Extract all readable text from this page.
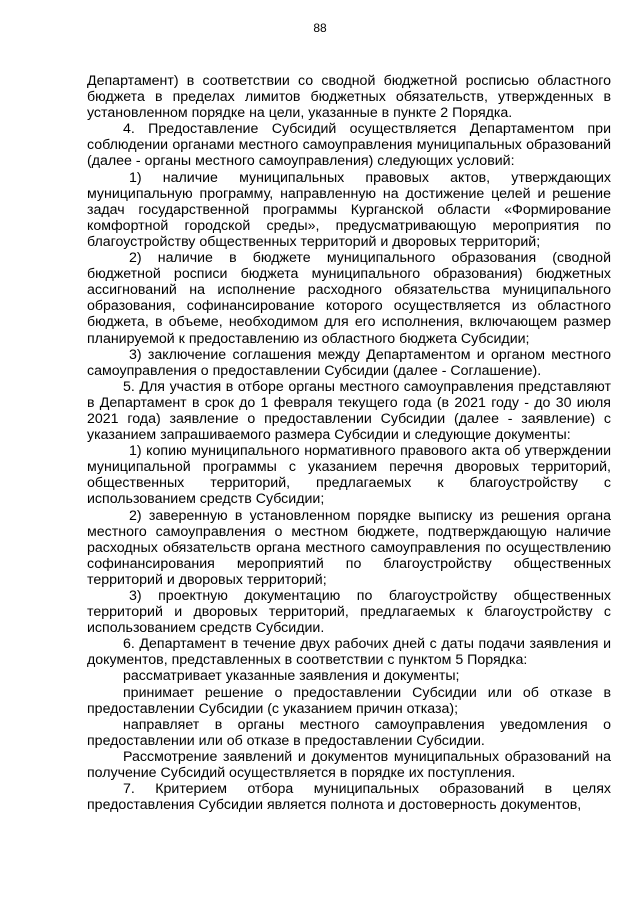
88

Департамент) в соответствии со сводной бюджетной росписью областного бюджета в пределах лимитов бюджетных обязательств, утвержденных в установленном порядке на цели, указанные в пункте 2 Порядка.

4. Предоставление Субсидий осуществляется Департаментом при соблюдении органами местного самоуправления муниципальных образований (далее - органы местного самоуправления) следующих условий:

1) наличие муниципальных правовых актов, утверждающих муниципальную программу, направленную на достижение целей и решение задач государственной программы Курганской области «Формирование комфортной городской среды», предусматривающую мероприятия по благоустройству общественных территорий и дворовых территорий;

2) наличие в бюджете муниципального образования (сводной бюджетной росписи бюджета муниципального образования) бюджетных ассигнований на исполнение расходного обязательства муниципального образования, софинансирование которого осуществляется из областного бюджета, в объеме, необходимом для его исполнения, включающем размер планируемой к предоставлению из областного бюджета Субсидии;

3) заключение соглашения между Департаментом и органом местного самоуправления о предоставлении Субсидии (далее - Соглашение).

5. Для участия в отборе органы местного самоуправления представляют в Департамент в срок до 1 февраля текущего года (в 2021 году - до 30 июля 2021 года) заявление о предоставлении Субсидии (далее - заявление) с указанием запрашиваемого размера Субсидии и следующие документы:

1) копию муниципального нормативного правового акта об утверждении муниципальной программы с указанием перечня дворовых территорий, общественных территорий, предлагаемых к благоустройству с использованием средств Субсидии;

2) заверенную в установленном порядке выписку из решения органа местного самоуправления о местном бюджете, подтверждающую наличие расходных обязательств органа местного самоуправления по осуществлению софинансирования мероприятий по благоустройству общественных территорий и дворовых территорий;

3) проектную документацию по благоустройству общественных территорий и дворовых территорий, предлагаемых к благоустройству с использованием средств Субсидии.

6. Департамент в течение двух рабочих дней с даты подачи заявления и документов, представленных в соответствии с пунктом 5 Порядка:

рассматривает указанные заявления и документы;

принимает решение о предоставлении Субсидии или об отказе в предоставлении Субсидии (с указанием причин отказа);

направляет в органы местного самоуправления уведомления о предоставлении или об отказе в предоставлении Субсидии.

Рассмотрение заявлений и документов муниципальных образований на получение Субсидий осуществляется в порядке их поступления.

7. Критерием отбора муниципальных образований в целях предоставления Субсидии является полнота и достоверность документов,
